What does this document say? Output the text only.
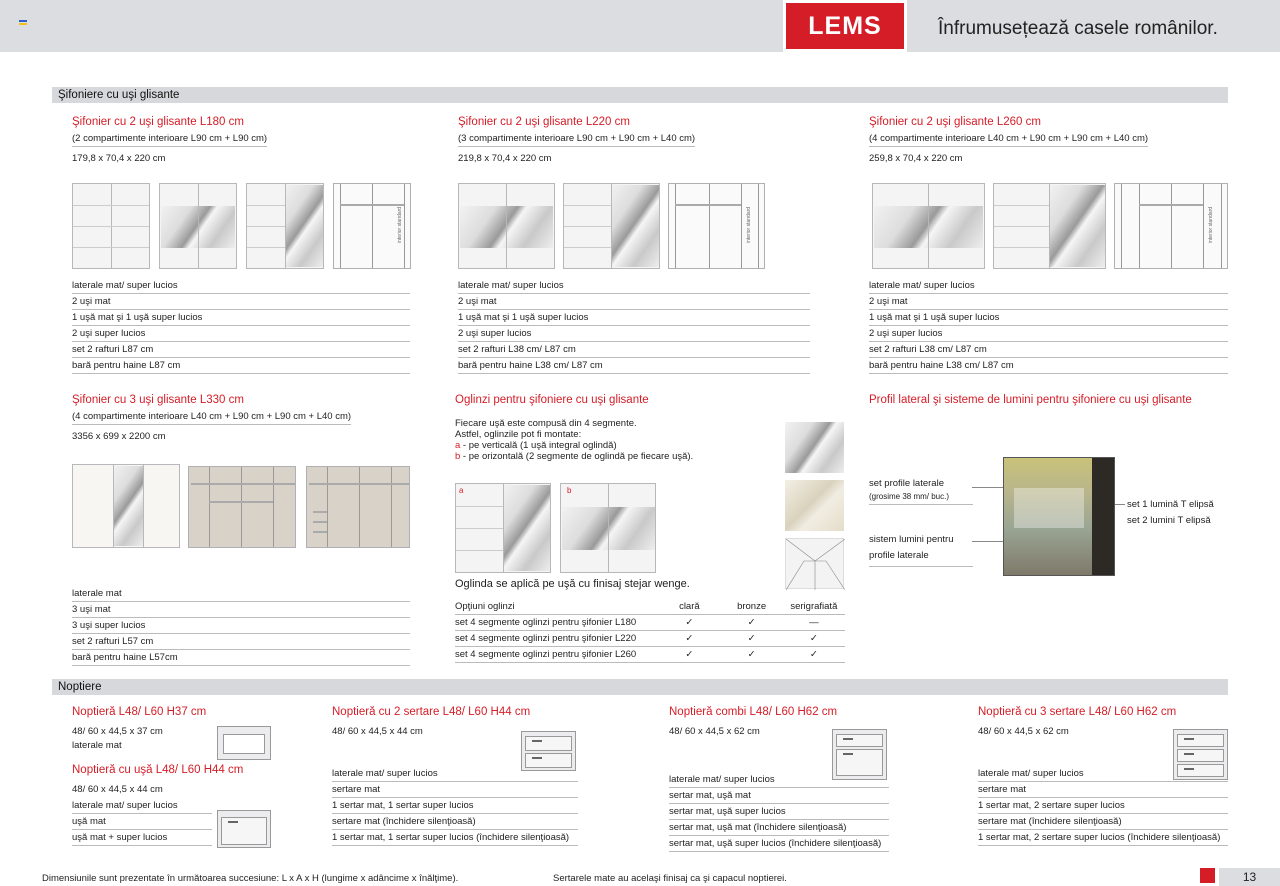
LEMS	Înfrumusețează casele românilor.
Şifoniere cu uşi glisante
Şifonier cu 2 uşi glisante L180 cm
(2 compartimente interioare L90 cm + L90 cm)
179,8 x 70,4 x 220 cm
interior standard
laterale mat/ super lucios
2 uşi mat
1 uşă mat şi 1 uşă super lucios
2 uşi super lucios
set 2 rafturi L87 cm
bară pentru haine L87 cm
Şifonier cu 2 uşi glisante L220 cm
(3 compartimente interioare L90 cm + L90 cm + L40 cm)
219,8 x 70,4 x 220 cm
interior standard
laterale mat/ super lucios
2 uşi mat
1 uşă mat şi 1 uşă super lucios
2 uşi super lucios
set 2 rafturi L38 cm/ L87 cm
bară pentru haine L38 cm/ L87 cm
Şifonier cu 2 uşi glisante L260 cm
(4 compartimente interioare L40 cm + L90 cm + L90 cm + L40 cm)
259,8 x 70,4 x 220 cm
interior standard
laterale mat/ super lucios
2 uşi mat
1 uşă mat şi 1 uşă super lucios
2 uşi super lucios
set 2 rafturi L38 cm/ L87 cm
bară pentru haine L38 cm/ L87 cm
Şifonier cu 3 uşi glisante L330 cm
(4 compartimente interioare L40 cm + L90 cm + L90 cm + L40 cm)
3356 x 699 x 2200 cm
laterale mat
3 uşi mat
3 uşi super lucios
set 2 rafturi L57 cm
bară pentru haine L57cm
Oglinzi pentru şifoniere cu uşi glisante
Fiecare uşă este compusă din 4 segmente.
Astfel, oglinzile pot fi montate:
a - pe verticală (1 uşă integral oglindă)
b - pe orizontală (2 segmente de oglindă pe fiecare uşă).
a	b
Oglinda se aplică pe uşă cu finisaj stejar wenge.
Opţiuni oglinzi	clară	bronze	serigrafiată
set 4 segmente oglinzi pentru şifonier L180	✓	✓	—
set 4 segmente oglinzi pentru şifonier L220	✓	✓	✓
set 4 segmente oglinzi pentru şifonier L260	✓	✓	✓
Profil lateral şi sisteme de lumini pentru şifoniere cu uşi glisante
set profile laterale
(grosime 38 mm/ buc.)
sistem lumini pentru
profile laterale
set 1 lumină T elipsă
set 2 lumini T elipsă
Noptiere
Noptieră L48/ L60 H37 cm
48/ 60 x 44,5 x 37 cm
laterale mat
Noptieră cu uşă L48/ L60 H44 cm
48/ 60 x 44,5 x 44 cm
laterale mat/ super lucios
uşă mat
uşă mat + super lucios
Noptieră cu 2 sertare L48/ L60 H44 cm
48/ 60 x 44,5 x 44 cm
laterale mat/ super lucios
sertare mat
1 sertar mat, 1 sertar super lucios
sertare mat (închidere silenţioasă)
1 sertar mat, 1 sertar super lucios (închidere silenţioasă)
Noptieră combi L48/ L60 H62 cm
48/ 60 x 44,5 x 62 cm
laterale mat/ super lucios
sertar mat, uşă mat
sertar mat, uşă super lucios
sertar mat, uşă mat (închidere silenţioasă)
sertar mat, uşă super lucios (închidere silenţioasă)
Noptieră cu 3 sertare L48/ L60 H62 cm
48/ 60 x 44,5 x 62 cm
laterale mat/ super lucios
sertare mat
1 sertar mat, 2 sertare super lucios
sertare mat (închidere silenţioasă)
1 sertar mat, 2 sertare super lucios (închidere silenţioasă)
Dimensiunile sunt prezentate în următoarea succesiune: L x A x H (lungime x adâncime x înălţime).	Sertarele mate au acelaşi finisaj ca şi capacul noptierei.	13
